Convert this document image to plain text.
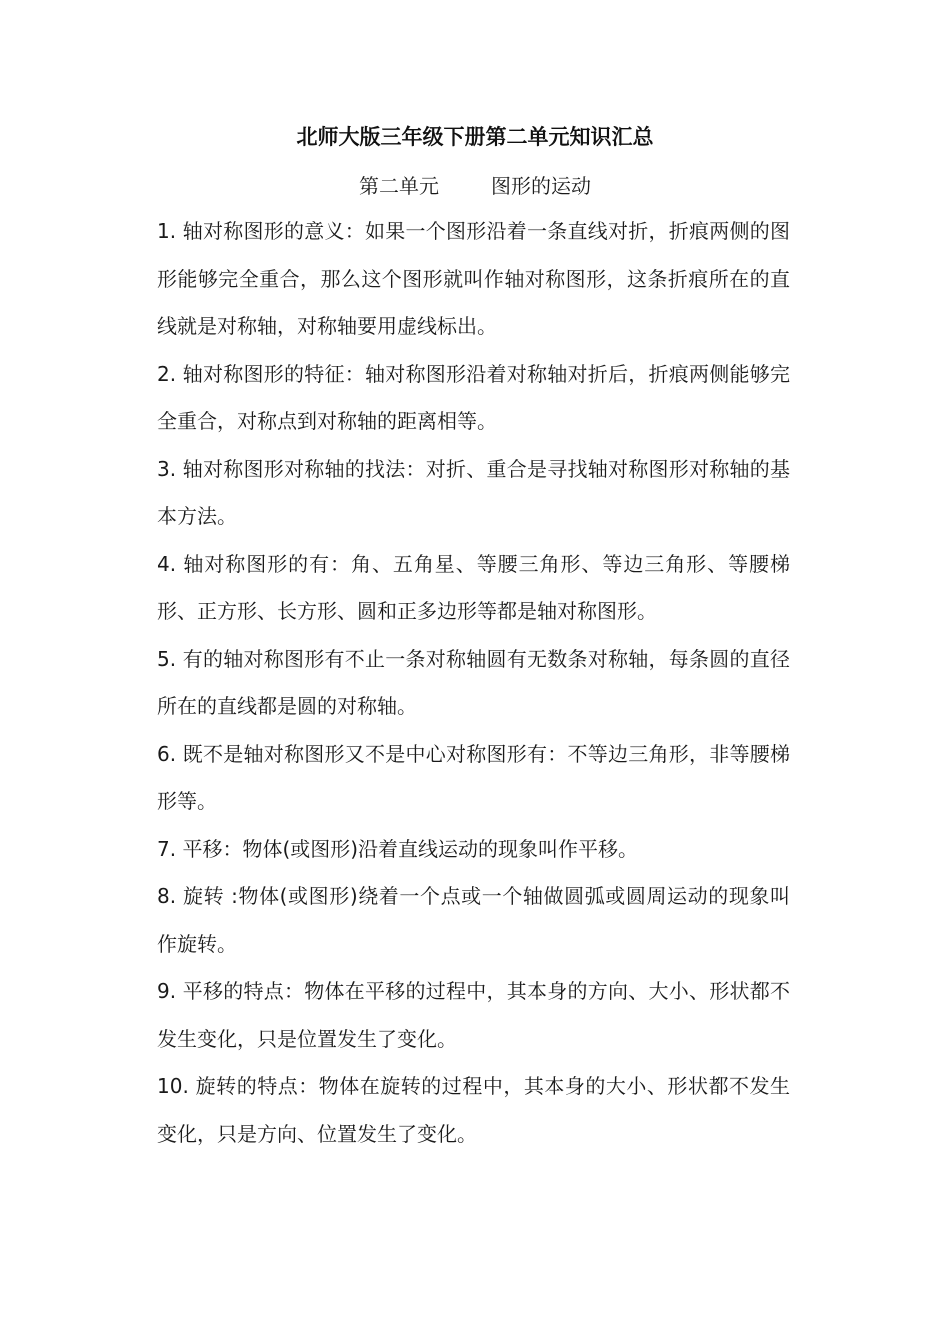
北师大版三年级下册第二单元知识汇总
第二单元	图形的运动
1. 轴对称图形的意义：如果一个图形沿着一条直线对折，折痕两侧的图形能够完全重合，那么这个图形就叫作轴对称图形，这条折痕所在的直线就是对称轴，对称轴要用虚线标出。
2. 轴对称图形的特征：轴对称图形沿着对称轴对折后，折痕两侧能够完全重合，对称点到对称轴的距离相等。
3. 轴对称图形对称轴的找法：对折、重合是寻找轴对称图形对称轴的基本方法。
4. 轴对称图形的有：角、五角星、等腰三角形、等边三角形、等腰梯形、正方形、长方形、圆和正多边形等都是轴对称图形。
5. 有的轴对称图形有不止一条对称轴圆有无数条对称轴，每条圆的直径所在的直线都是圆的对称轴。
6. 既不是轴对称图形又不是中心对称图形有：不等边三角形，非等腰梯形等。
7. 平移：物体(或图形)沿着直线运动的现象叫作平移。
8. 旋转 :物体(或图形)绕着一个点或一个轴做圆弧或圆周运动的现象叫作旋转。
9. 平移的特点：物体在平移的过程中，其本身的方向、大小、形状都不发生变化，只是位置发生了变化。
10. 旋转的特点：物体在旋转的过程中，其本身的大小、形状都不发生变化，只是方向、位置发生了变化。
